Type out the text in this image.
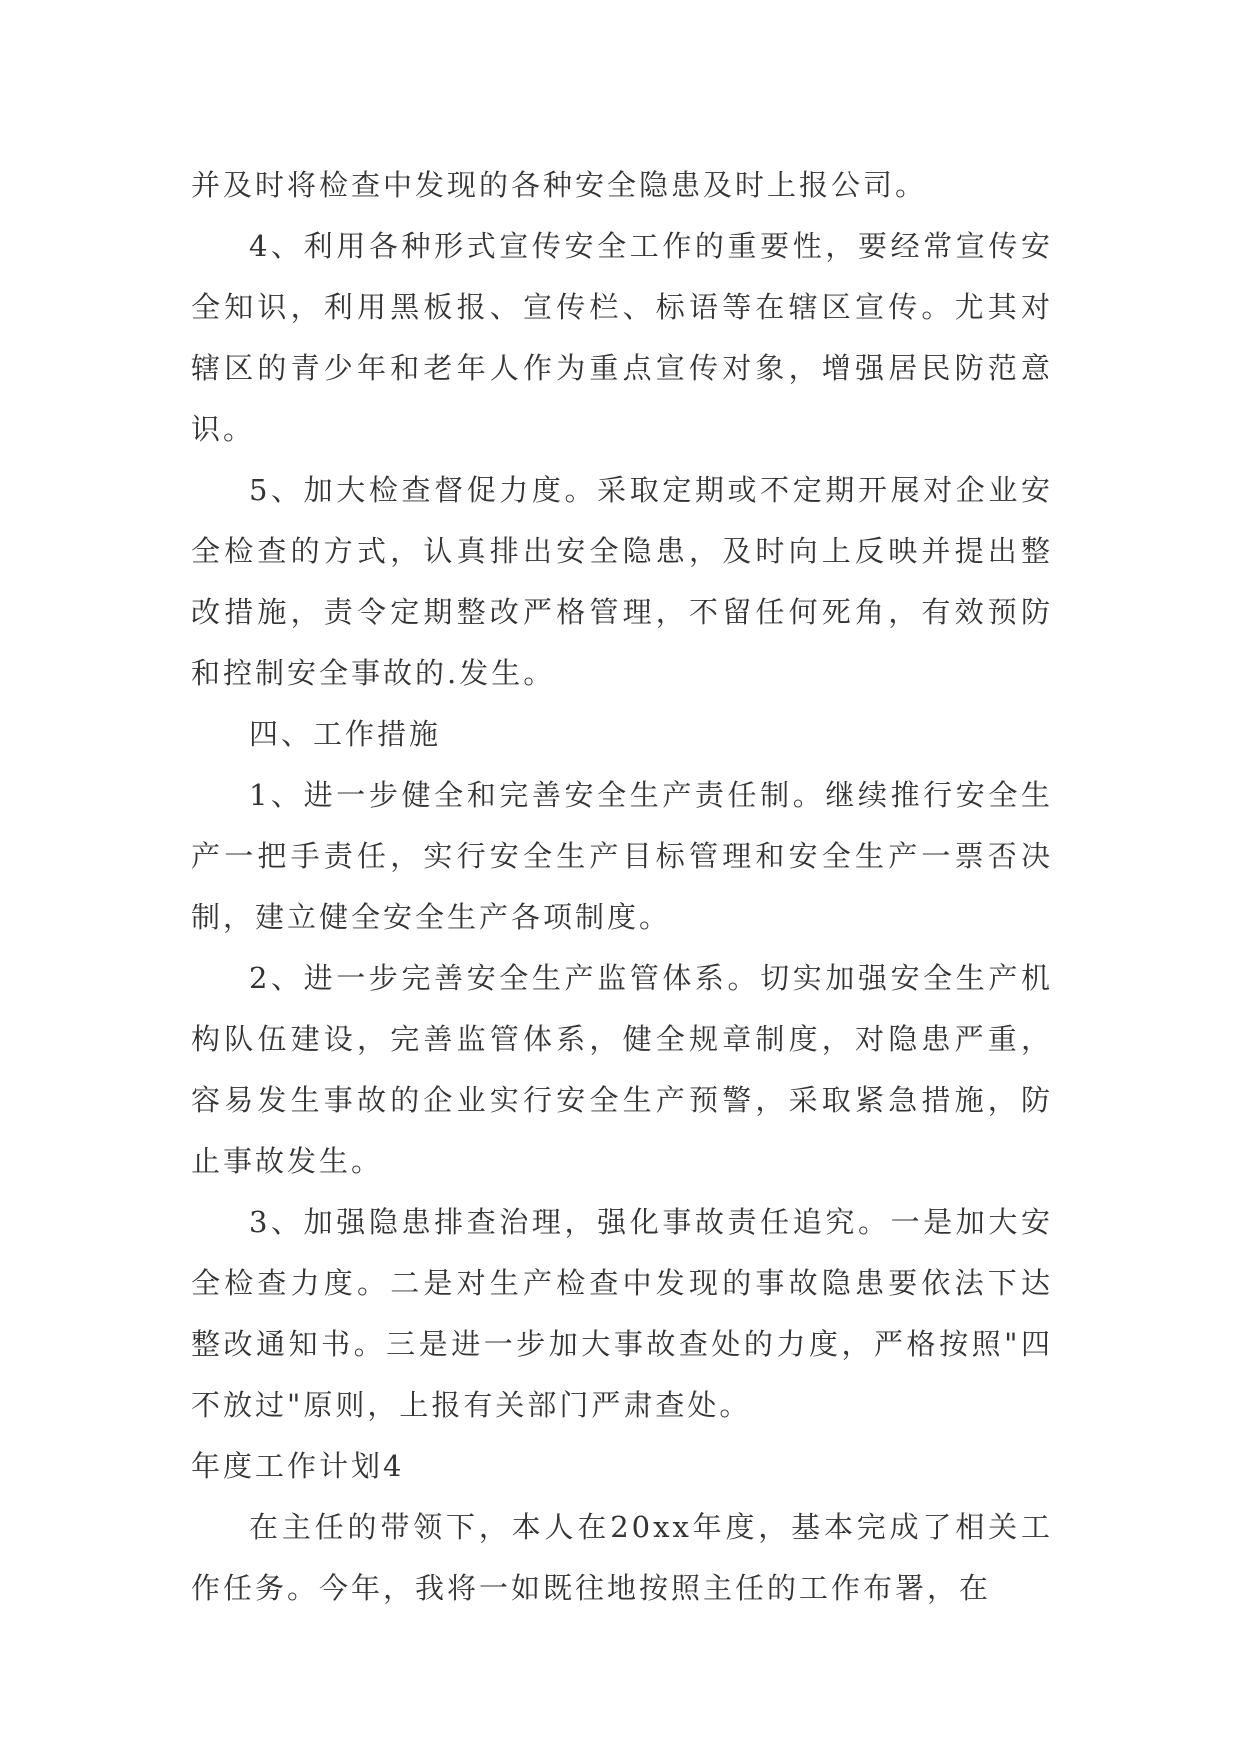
并及时将检查中发现的各种安全隐患及时上报公司。

4、利用各种形式宣传安全工作的重要性，要经常宣传安全知识，利用黑板报、宣传栏、标语等在辖区宣传。尤其对辖区的青少年和老年人作为重点宣传对象，增强居民防范意识。

5、加大检查督促力度。采取定期或不定期开展对企业安全检查的方式，认真排出安全隐患，及时向上反映并提出整改措施，责令定期整改严格管理，不留任何死角，有效预防和控制安全事故的.发生。

四、工作措施

1、进一步健全和完善安全生产责任制。继续推行安全生产一把手责任，实行安全生产目标管理和安全生产一票否决制，建立健全安全生产各项制度。

2、进一步完善安全生产监管体系。切实加强安全生产机构队伍建设，完善监管体系，健全规章制度，对隐患严重，容易发生事故的企业实行安全生产预警，采取紧急措施，防止事故发生。

3、加强隐患排查治理，强化事故责任追究。一是加大安全检查力度。二是对生产检查中发现的事故隐患要依法下达整改通知书。三是进一步加大事故查处的力度，严格按照"四不放过"原则，上报有关部门严肃查处。

年度工作计划4

在主任的带领下，本人在20xx年度，基本完成了相关工作任务。今年，我将一如既往地按照主任的工作布署，在
